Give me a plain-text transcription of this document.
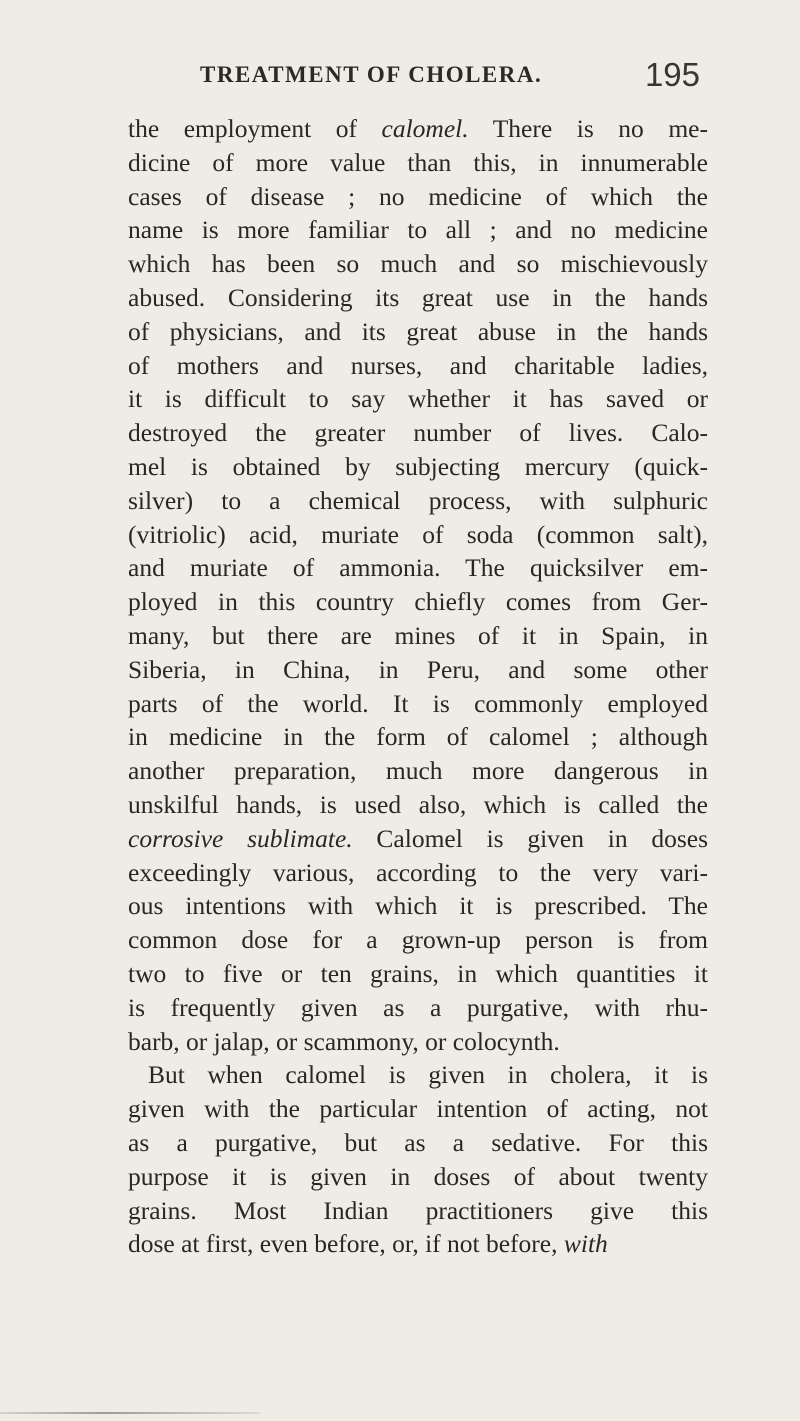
TREATMENT OF CHOLERA.	195
the employment of calomel. There is no me-
dicine of more value than this, in innumerable
cases of disease ; no medicine of which the
name is more familiar to all ; and no medicine
which has been so much and so mischievously
abused. Considering its great use in the hands
of physicians, and its great abuse in the hands
of mothers and nurses, and charitable ladies,
it is difficult to say whether it has saved or
destroyed the greater number of lives. Calo-
mel is obtained by subjecting mercury (quick-
silver) to a chemical process, with sulphuric
(vitriolic) acid, muriate of soda (common salt),
and muriate of ammonia. The quicksilver em-
ployed in this country chiefly comes from Ger-
many, but there are mines of it in Spain, in
Siberia, in China, in Peru, and some other
parts of the world. It is commonly employed
in medicine in the form of calomel ; although
another preparation, much more dangerous in
unskilful hands, is used also, which is called the
corrosive sublimate. Calomel is given in doses
exceedingly various, according to the very vari-
ous intentions with which it is prescribed. The
common dose for a grown-up person is from
two to five or ten grains, in which quantities it
is frequently given as a purgative, with rhu-
barb, or jalap, or scammony, or colocynth.
But when calomel is given in cholera, it is
given with the particular intention of acting, not
as a purgative, but as a sedative. For this
purpose it is given in doses of about twenty
grains. Most Indian practitioners give this
dose at first, even before, or, if not before, with
